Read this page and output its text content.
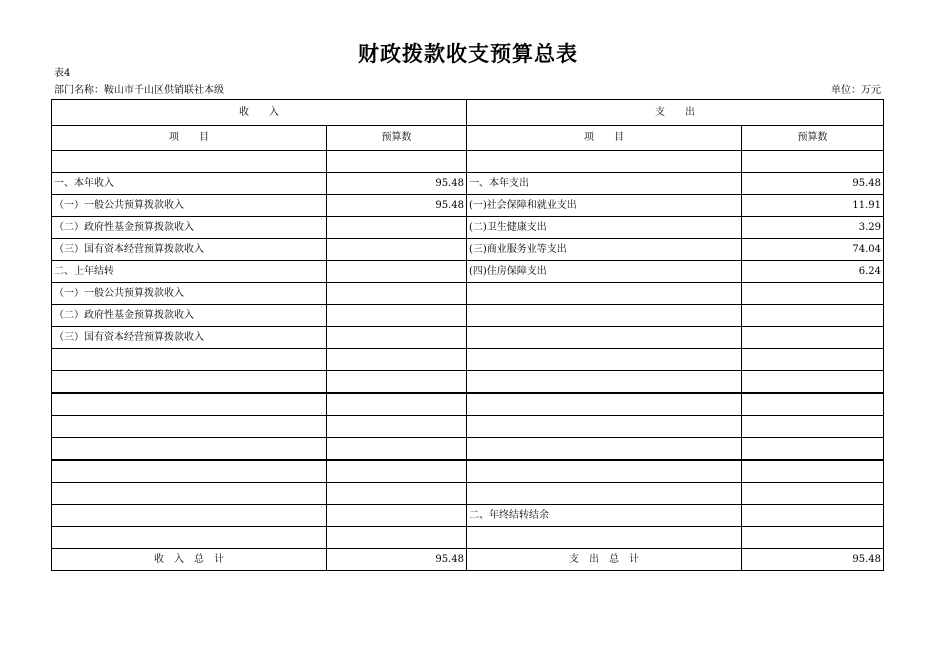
财政拨款收支预算总表
表4
部门名称：鞍山市千山区供销联社本级	单位：万元
收　　入		支　　出	
项　　目	预算数	项　　目	预算数

一、本年收入	95.48	一、本年支出	95.48
（一）一般公共预算拨款收入	95.48	(一)社会保障和就业支出	11.91
（二）政府性基金预算拨款收入		(二)卫生健康支出	3.29
（三）国有资本经营预算拨款收入		(三)商业服务业等支出	74.04
二、上年结转		(四)住房保障支出	6.24
（一）一般公共预算拨款收入			
（二）政府性基金预算拨款收入			
（三）国有资本经营预算拨款收入			

		二、年终结转结余	

收　入　总　计	95.48	支　出　总　计	95.48
